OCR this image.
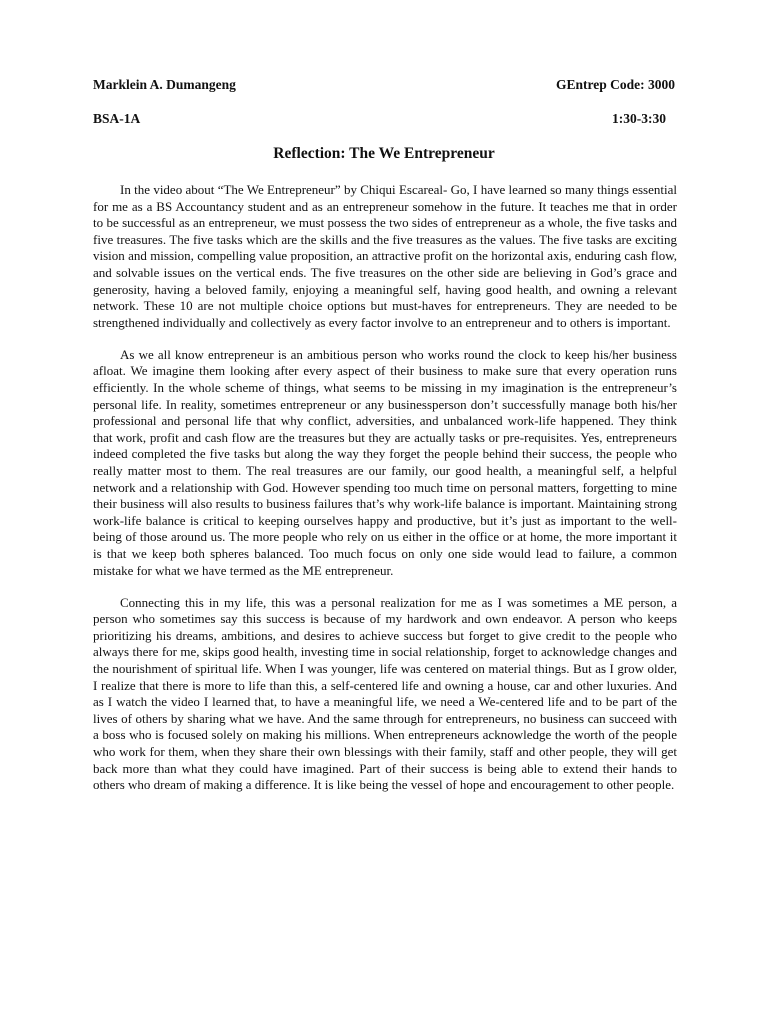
Marklein A. Dumangeng	GEntrep Code: 3000
BSA-1A	1:30-3:30
Reflection: The We Entrepreneur

In the video about “The We Entrepreneur” by Chiqui Escareal- Go, I have learned so many things essential for me as a BS Accountancy student and as an entrepreneur somehow in the future. It teaches me that in order to be successful as an entrepreneur, we must possess the two sides of entrepreneur as a whole, the five tasks and five treasures. The five tasks which are the skills and the five treasures as the values. The five tasks are exciting vision and mission, compelling value proposition, an attractive profit on the horizontal axis, enduring cash flow, and solvable issues on the vertical ends. The five treasures on the other side are believing in God’s grace and generosity, having a beloved family, enjoying a meaningful self, having good health, and owning a relevant network. These 10 are not multiple choice options but must-haves for entrepreneurs. They are needed to be strengthened individually and collectively as every factor involve to an entrepreneur and to others is important.

As we all know entrepreneur is an ambitious person who works round the clock to keep his/her business afloat. We imagine them looking after every aspect of their business to make sure that every operation runs efficiently. In the whole scheme of things, what seems to be missing in my imagination is the entrepreneur’s personal life. In reality, sometimes entrepreneur or any businessperson don’t successfully manage both his/her professional and personal life that why conflict, adversities, and unbalanced work-life happened. They think that work, profit and cash flow are the treasures but they are actually tasks or pre-requisites. Yes, entrepreneurs indeed completed the five tasks but along the way they forget the people behind their success, the people who really matter most to them. The real treasures are our family, our good health, a meaningful self, a helpful network and a relationship with God. However spending too much time on personal matters, forgetting to mine their business will also results to business failures that’s why work-life balance is important. Maintaining strong work-life balance is critical to keeping ourselves happy and productive, but it’s just as important to the well-being of those around us. The more people who rely on us either in the office or at home, the more important it is that we keep both spheres balanced. Too much focus on only one side would lead to failure, a common mistake for what we have termed as the ME entrepreneur.

Connecting this in my life, this was a personal realization for me as I was sometimes a ME person, a person who sometimes say this success is because of my hardwork and own endeavor. A person who keeps prioritizing his dreams, ambitions, and desires to achieve success but forget to give credit to the people who always there for me, skips good health, investing time in social relationship, forget to acknowledge changes and the nourishment of spiritual life. When I was younger, life was centered on material things. But as I grow older, I realize that there is more to life than this, a self-centered life and owning a house, car and other luxuries. And as I watch the video I learned that, to have a meaningful life, we need a We-centered life and to be part of the lives of others by sharing what we have. And the same through for entrepreneurs, no business can succeed with a boss who is focused solely on making his millions. When entrepreneurs acknowledge the worth of the people who work for them, when they share their own blessings with their family, staff and other people, they will get back more than what they could have imagined. Part of their success is being able to extend their hands to others who dream of making a difference. It is like being the vessel of hope and encouragement to other people.
